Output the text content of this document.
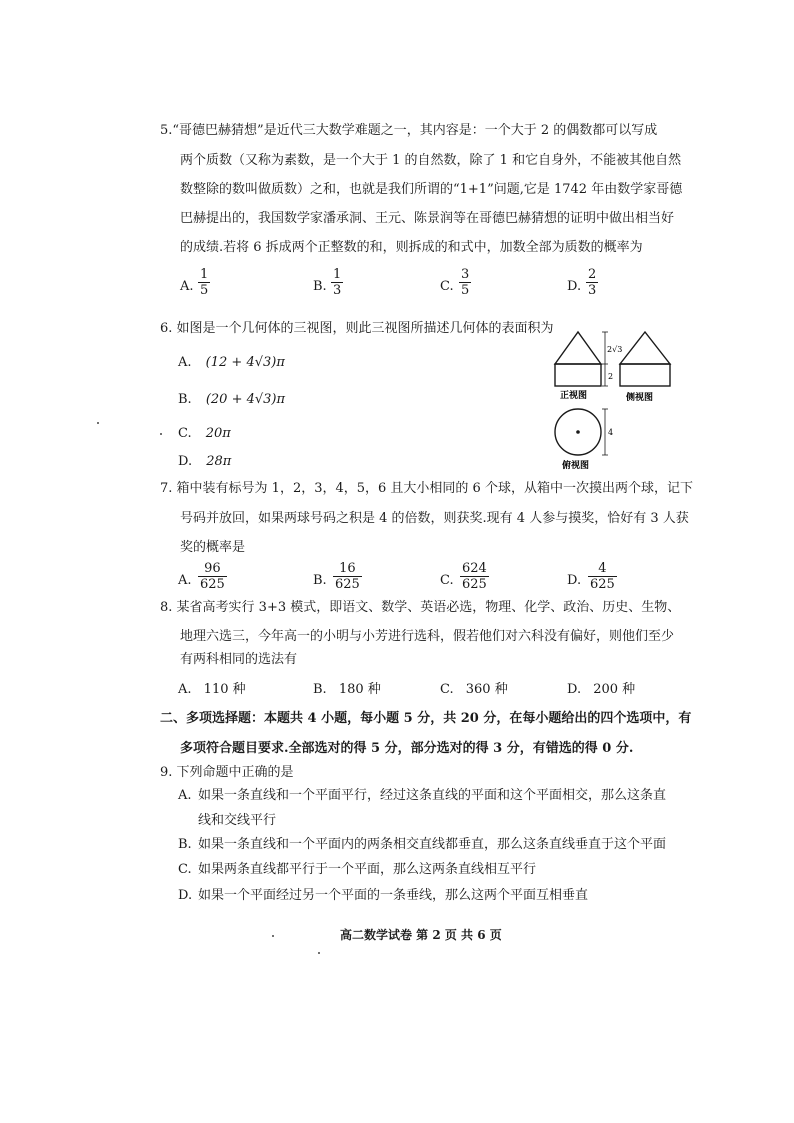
5.“哥德巴赫猜想”是近代三大数学难题之一，其内容是：一个大于 2 的偶数都可以写成
两个质数（又称为素数，是一个大于 1 的自然数，除了 1 和它自身外，不能被其他自然
数整除的数叫做质数）之和，也就是我们所谓的“1+1”问题,它是 1742 年由数学家哥德
巴赫提出的，我国数学家潘承洞、王元、陈景润等在哥德巴赫猜想的证明中做出相当好
的成绩.若将 6 拆成两个正整数的和，则拆成的和式中，加数全部为质数的概率为
A.
1
5	B.
1
3	C.
3
5	D.
2
3
6. 如图是一个几何体的三视图，则此三视图所描述几何体的表面积为
A. (12 + 4√3)π
B. (20 + 4√3)π
C. 20π
D. 28π
2√3
2
正视图	侧视图
4
俯视图
7. 箱中装有标号为 1，2，3，4，5，6 且大小相同的 6 个球，从箱中一次摸出两个球，记下
号码并放回，如果两球号码之积是 4 的倍数，则获奖.现有 4 人参与摸奖，恰好有 3 人获
奖的概率是
A.
96
625	B.
16
625	C.
624
625	D.
4
625
8. 某省高考实行 3+3 模式，即语文、数学、英语必选，物理、化学、政治、历史、生物、
地理六选三，今年高一的小明与小芳进行选科，假若他们对六科没有偏好，则他们至少
有两科相同的选法有
A. 110 种	B. 180 种	C. 360 种	D. 200 种
二、多项选择题：本题共 4 小题，每小题 5 分，共 20 分，在每小题给出的四个选项中，有
多项符合题目要求.全部选对的得 5 分，部分选对的得 3 分，有错选的得 0 分.
9. 下列命题中正确的是
A. 如果一条直线和一个平面平行，经过这条直线的平面和这个平面相交，那么这条直
线和交线平行
B. 如果一条直线和一个平面内的两条相交直线都垂直，那么这条直线垂直于这个平面
C. 如果两条直线都平行于一个平面，那么这两条直线相互平行
D. 如果一个平面经过另一个平面的一条垂线，那么这两个平面互相垂直
高二数学试卷 第 2 页 共 6 页
